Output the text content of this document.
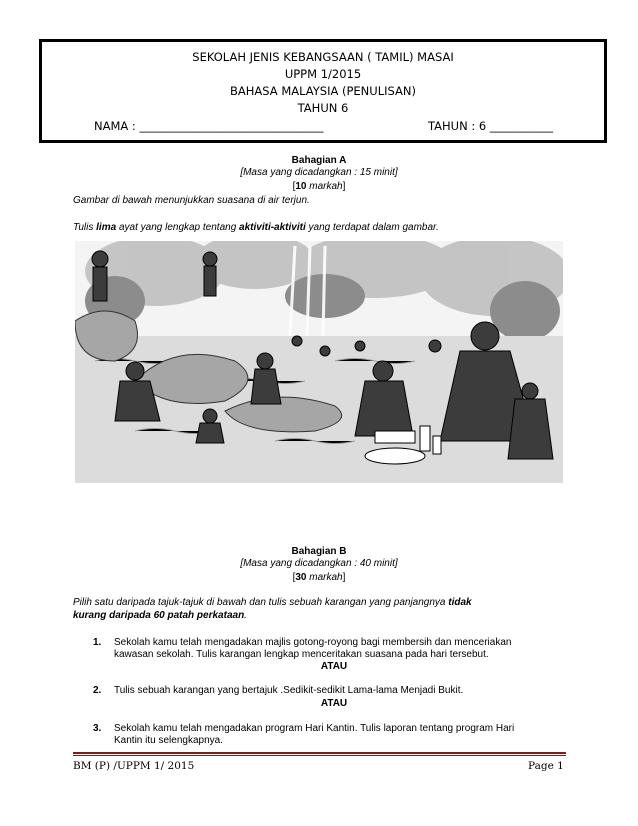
SEKOLAH JENIS KEBANGSAAN ( TAMIL) MASAI
UPPM 1/2015
BAHASA MALAYSIA (PENULISAN)
TAHUN 6
NAMA : ________________________________	TAHUN : 6 ___________
Bahagian A
[Masa yang dicadangkan : 15 minit]
[10 markah]
Gambar di bawah menunjukkan suasana di air terjun.
Tulis lima ayat yang lengkap tentang aktiviti-aktiviti yang terdapat dalam gambar.
Bahagian B
[Masa yang dicadangkan : 40 minit]
[30 markah]
Pilih satu daripada tajuk-tajuk di bawah dan tulis sebuah karangan yang panjangnya tidak
kurang daripada 60 patah perkataan.
1. Sekolah kamu telah mengadakan majlis gotong-royong bagi membersih dan menceriakan
kawasan sekolah. Tulis karangan lengkap menceritakan suasana pada hari tersebut.
ATAU
2. Tulis sebuah karangan yang bertajuk .Sedikit-sedikit Lama-lama Menjadi Bukit.
ATAU
3. Sekolah kamu telah mengadakan program Hari Kantin. Tulis laporan tentang program Hari
Kantin itu selengkapnya.
BM (P) /UPPM 1/ 2015	Page 1
